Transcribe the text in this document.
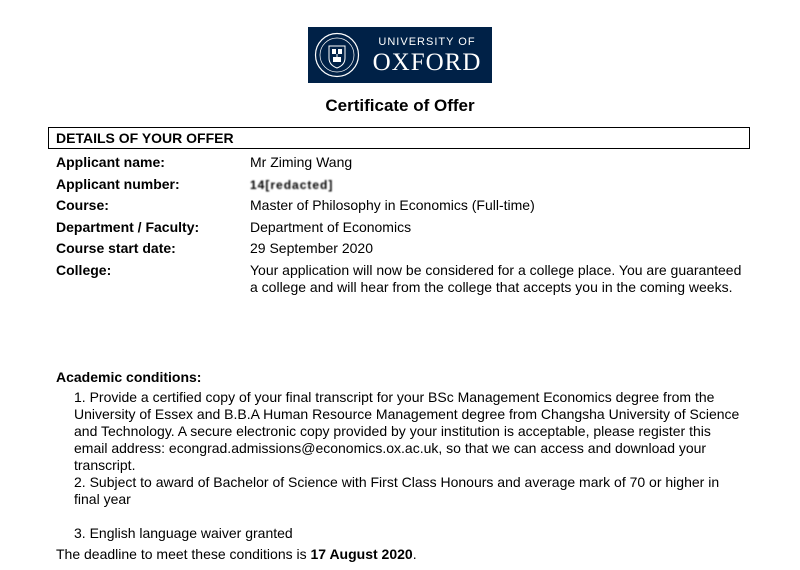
UNIVERSITY OF
OXFORD
Certificate of Offer
DETAILS OF YOUR OFFER
Applicant name:	Mr Ziming Wang
Applicant number:	14[redacted]
Course:	Master of Philosophy in Economics (Full-time)
Department / Faculty:	Department of Economics
Course start date:	29 September 2020
College:	Your application will now be considered for a college place. You are guaranteed a college and will hear from the college that accepts you in the coming weeks.
Academic conditions:
1. Provide a certified copy of your final transcript for your BSc Management Economics degree from the University of Essex and B.B.A Human Resource Management degree from Changsha University of Science and Technology. A secure electronic copy provided by your institution is acceptable, please register this email address: econgrad.admissions@economics.ox.ac.uk, so that we can access and download your transcript.
2. Subject to award of Bachelor of Science with First Class Honours and average mark of 70 or higher in final year
3. English language waiver granted
The deadline to meet these conditions is 17 August 2020.
